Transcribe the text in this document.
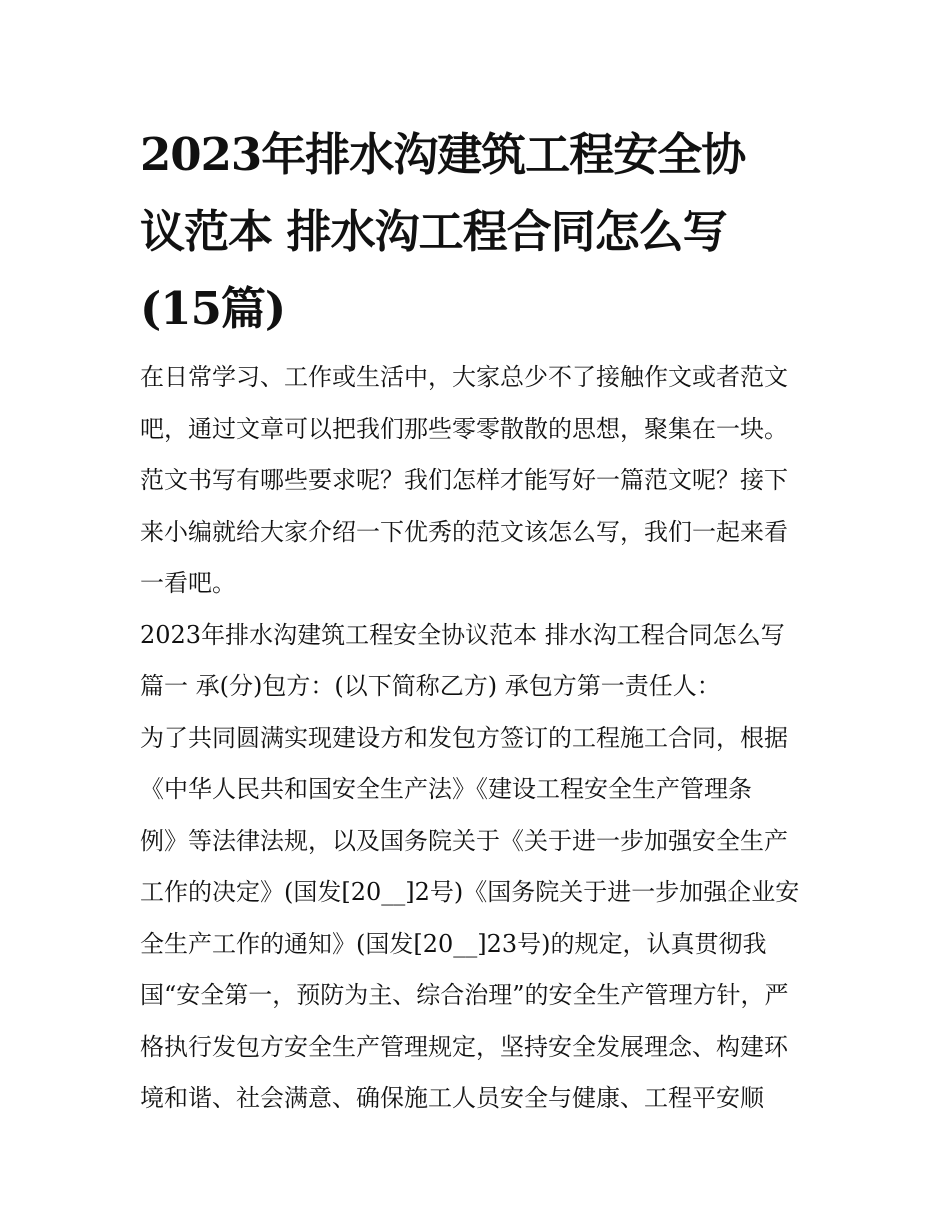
2023年排水沟建筑工程安全协
议范本 排水沟工程合同怎么写
(15篇)
在日常学习、工作或生活中，大家总少不了接触作文或者范文
吧，通过文章可以把我们那些零零散散的思想，聚集在一块。
范文书写有哪些要求呢？我们怎样才能写好一篇范文呢？接下
来小编就给大家介绍一下优秀的范文该怎么写，我们一起来看
一看吧。
2023年排水沟建筑工程安全协议范本 排水沟工程合同怎么写
篇一 承(分)包方：(以下简称乙方) 承包方第一责任人：
为了共同圆满实现建设方和发包方签订的工程施工合同，根据
《中华人民共和国安全生产法》《建设工程安全生产管理条
例》等法律法规，以及国务院关于《关于进一步加强安全生产
工作的决定》(国发[20__]2号)《国务院关于进一步加强企业安
全生产工作的通知》(国发[20__]23号)的规定，认真贯彻我
国“安全第一，预防为主、综合治理”的安全生产管理方针，严
格执行发包方安全生产管理规定，坚持安全发展理念、构建环
境和谐、社会满意、确保施工人员安全与健康、工程平安顺
